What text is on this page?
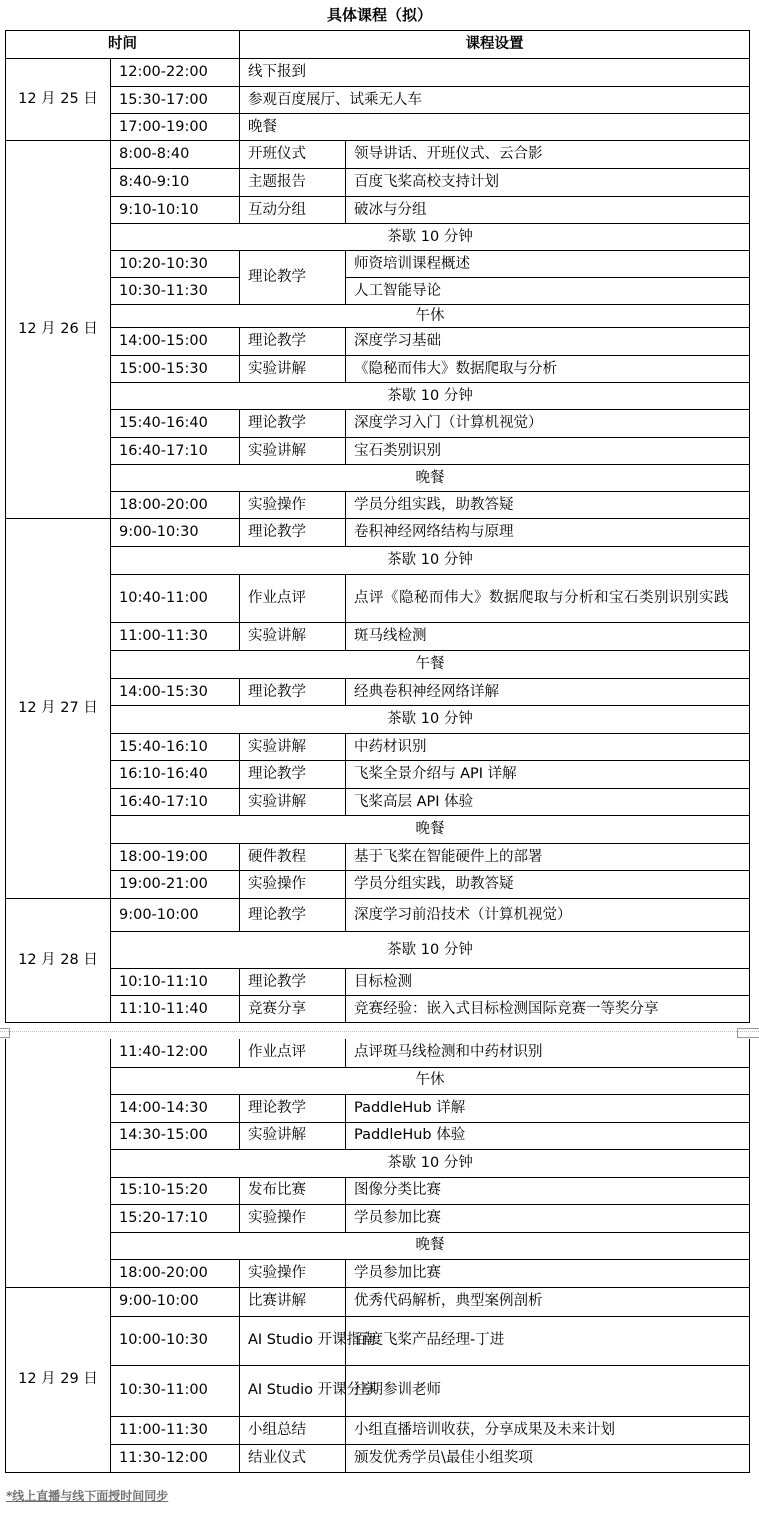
具体课程（拟）
时间		课程设置	
12 月 25 日	12:00-22:00	线下报到	
	15:30-17:00	参观百度展厅、试乘无人车	
	17:00-19:00	晚餐	
12 月 26 日	8:00-8:40	开班仪式	领导讲话、开班仪式、云合影
	8:40-9:10	主题报告	百度飞桨高校支持计划
	9:10-10:10	互动分组	破冰与分组
	茶歇 10 分钟		
	10:20-10:30	理论教学	师资培训课程概述
	10:30-11:30		人工智能导论
	午休		
	14:00-15:00	理论教学	深度学习基础
	15:00-15:30	实验讲解	《隐秘而伟大》数据爬取与分析
	茶歇 10 分钟		
	15:40-16:40	理论教学	深度学习入门（计算机视觉）
	16:40-17:10	实验讲解	宝石类别识别
	晚餐		
	18:00-20:00	实验操作	学员分组实践，助教答疑
12 月 27 日	9:00-10:30	理论教学	卷积神经网络结构与原理
	茶歇 10 分钟		
	10:40-11:00	作业点评	点评《隐秘而伟大》数据爬取与分析和宝石类别识别实践
	11:00-11:30	实验讲解	斑马线检测
	午餐		
	14:00-15:30	理论教学	经典卷积神经网络详解
	茶歇 10 分钟		
	15:40-16:10	实验讲解	中药材识别
	16:10-16:40	理论教学	飞桨全景介绍与 API 详解
	16:40-17:10	实验讲解	飞桨高层 API 体验
	晚餐		
	18:00-19:00	硬件教程	基于飞桨在智能硬件上的部署
	19:00-21:00	实验操作	学员分组实践，助教答疑
12 月 28 日	9:00-10:00	理论教学	深度学习前沿技术（计算机视觉）
	茶歇 10 分钟		
	10:10-11:10	理论教学	目标检测
	11:10-11:40	竞赛分享	竞赛经验：嵌入式目标检测国际竞赛一等奖分享
	11:40-12:00	作业点评	点评斑马线检测和中药材识别
	午休		
	14:00-14:30	理论教学	PaddleHub 详解
	14:30-15:00	实验讲解	PaddleHub 体验
	茶歇 10 分钟		
	15:10-15:20	发布比赛	图像分类比赛
	15:20-17:10	实验操作	学员参加比赛
	晚餐		
	18:00-20:00	实验操作	学员参加比赛
12 月 29 日	9:00-10:00	比赛讲解	优秀代码解析，典型案例剖析
	10:00-10:30	AI Studio 开课指南	百度飞桨产品经理-丁进
	10:30-11:00	AI Studio 开课分享	往期参训老师
	11:00-11:30	小组总结	小组直播培训收获，分享成果及未来计划
	11:30-12:00	结业仪式	颁发优秀学员\最佳小组奖项
*线上直播与线下面授时间同步
